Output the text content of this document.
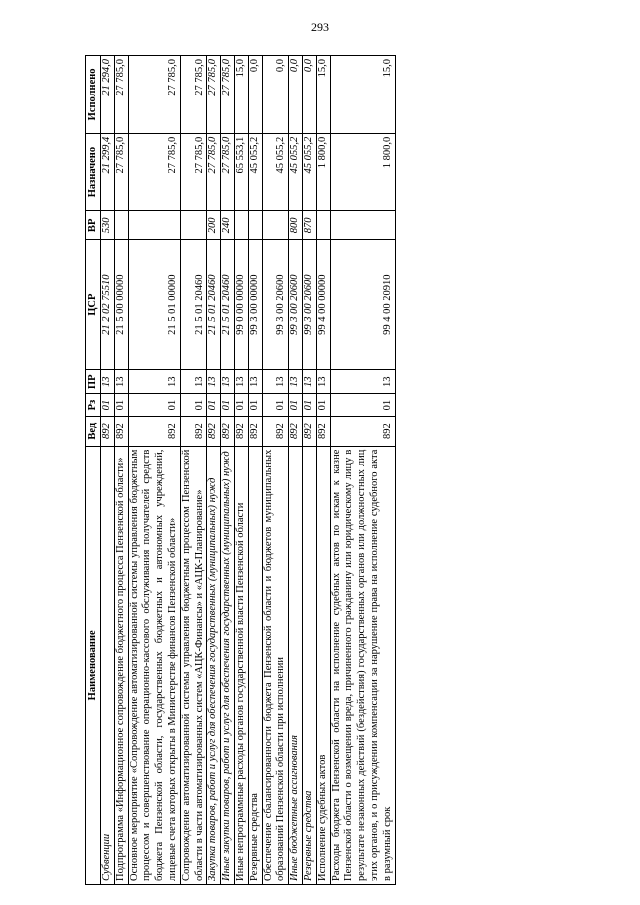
293
Наименование	Вед	Рз	ПР	ЦСР	ВР	Назначено	Исполнено
Субвенции	892	01	13	21 2 02 75510	530	21 299,4	21 294,0
Подпрограмма «Информационное сопровождение бюджетного процесса Пензенской области»	892	01	13	21 5 00 00000		27 785,0	27 785,0
Основное мероприятие «Сопровождение автоматизированной системы управления бюджетным процессом и совершенствование операционно-кассового обслуживания получателей средств бюджета Пензенской области, государственных бюджетных и автономных учреждений, лицевые счета которых открыты в Министерстве финансов Пензенской области»	892	01	13	21 5 01 00000		27 785,0	27 785,0
Сопровождение автоматизированной системы управления бюджетным процессом Пензенской области в части автоматизированных систем «АЦК-Финансы» и «АЦК-Планирование»	892	01	13	21 5 01 20460		27 785,0	27 785,0
Закупка товаров, работ и услуг для обеспечения государственных (муниципальных) нужд	892	01	13	21 5 01 20460	200	27 785,0	27 785,0
Иные закупки товаров, работ и услуг для обеспечения государственных (муниципальных) нужд	892	01	13	21 5 01 20460	240	27 785,0	27 785,0
Иные непрограммные расходы органов государственной власти Пензенской области	892	01	13	99 0 00 00000		65 553,1	15,0
Резервные средства	892	01	13	99 3 00 00000		45 055,2	0,0
Обеспечение сбалансированности бюджета Пензенской области и бюджетов муниципальных образований Пензенской области при исполнении	892	01	13	99 3 00 20600		45 055,2	0,0
Иные бюджетные ассигнования	892	01	13	99 3 00 20600	800	45 055,2	0,0
Резервные средства	892	01	13	99 3 00 20600	870	45 055,2	0,0
Исполнение судебных актов	892	01	13	99 4 00 00000		1 800,0	15,0
Расходы бюджета Пензенской области на исполнение судебных актов по искам к казне Пензенской области о возмещении вреда, причиненного гражданину или юридическому лицу в результате незаконных действий (бездействия) государственных органов или должностных лиц этих органов, и о присуждении компенсации за нарушение права на исполнение судебного акта в разумный срок	892	01	13	99 4 00 20910		1 800,0	15,0
